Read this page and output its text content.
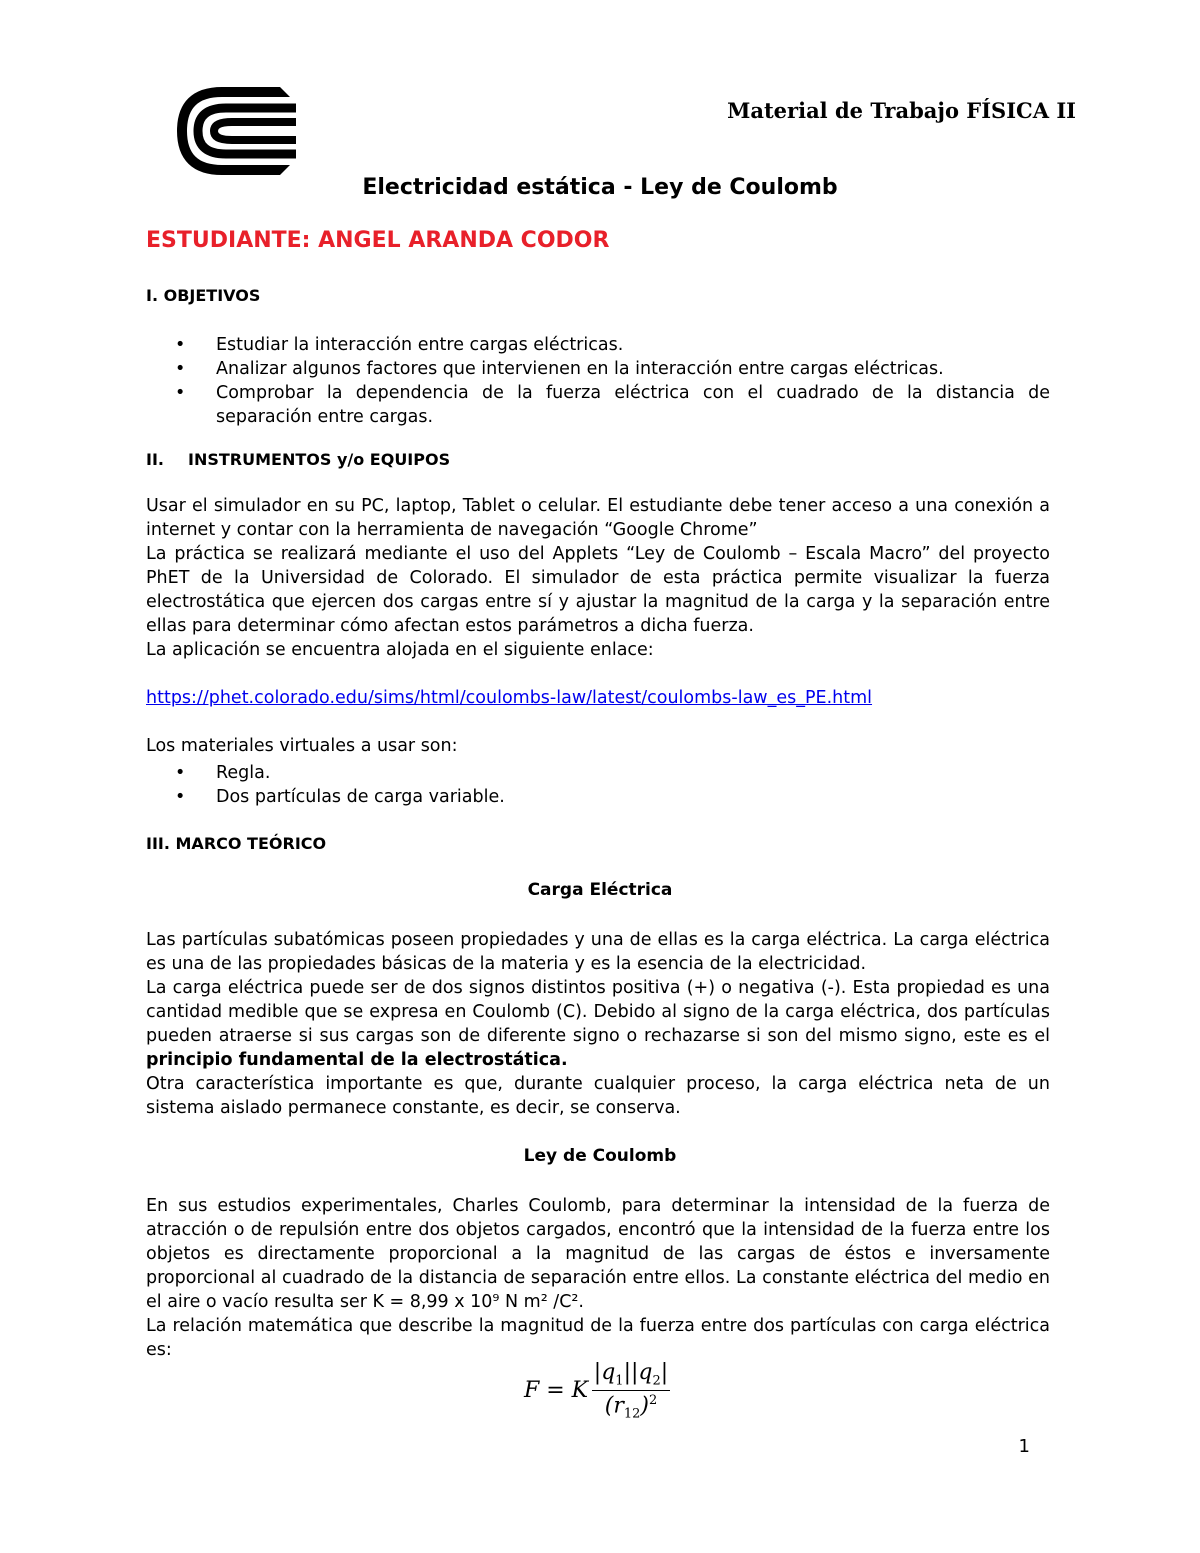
Material de Trabajo FÍSICA II
Electricidad estática - Ley de Coulomb
ESTUDIANTE: ANGEL ARANDA CODOR
I. OBJETIVOS
• Estudiar la interacción entre cargas eléctricas.
• Analizar algunos factores que intervienen en la interacción entre cargas eléctricas.
• Comprobar la dependencia de la fuerza eléctrica con el cuadrado de la distancia de separación entre cargas.
II. INSTRUMENTOS y/o EQUIPOS
Usar el simulador en su PC, laptop, Tablet o celular. El estudiante debe tener acceso a una conexión a internet y contar con la herramienta de navegación “Google Chrome”
La práctica se realizará mediante el uso del Applets “Ley de Coulomb – Escala Macro” del proyecto PhET de la Universidad de Colorado. El simulador de esta práctica permite visualizar la fuerza electrostática que ejercen dos cargas entre sí y ajustar la magnitud de la carga y la separación entre ellas para determinar cómo afectan estos parámetros a dicha fuerza.
La aplicación se encuentra alojada en el siguiente enlace:
https://phet.colorado.edu/sims/html/coulombs-law/latest/coulombs-law_es_PE.html
Los materiales virtuales a usar son:
• Regla.
• Dos partículas de carga variable.
III. MARCO TEÓRICO
Carga Eléctrica
Las partículas subatómicas poseen propiedades y una de ellas es la carga eléctrica. La carga eléctrica es una de las propiedades básicas de la materia y es la esencia de la electricidad.
La carga eléctrica puede ser de dos signos distintos positiva (+) o negativa (-). Esta propiedad es una cantidad medible que se expresa en Coulomb (C). Debido al signo de la carga eléctrica, dos partículas pueden atraerse si sus cargas son de diferente signo o rechazarse si son del mismo signo, este es el principio fundamental de la electrostática.
Otra característica importante es que, durante cualquier proceso, la carga eléctrica neta de un sistema aislado permanece constante, es decir, se conserva.
Ley de Coulomb
En sus estudios experimentales, Charles Coulomb, para determinar la intensidad de la fuerza de atracción o de repulsión entre dos objetos cargados, encontró que la intensidad de la fuerza entre los objetos es directamente proporcional a la magnitud de las cargas de éstos e inversamente proporcional al cuadrado de la distancia de separación entre ellos. La constante eléctrica del medio en el aire o vacío resulta ser K = 8,99 x 10⁹ N m² /C².
La relación matemática que describe la magnitud de la fuerza entre dos partículas con carga eléctrica es:
F = K $\frac{|q_1||q_2|}{(r_{12})^2}$
1
